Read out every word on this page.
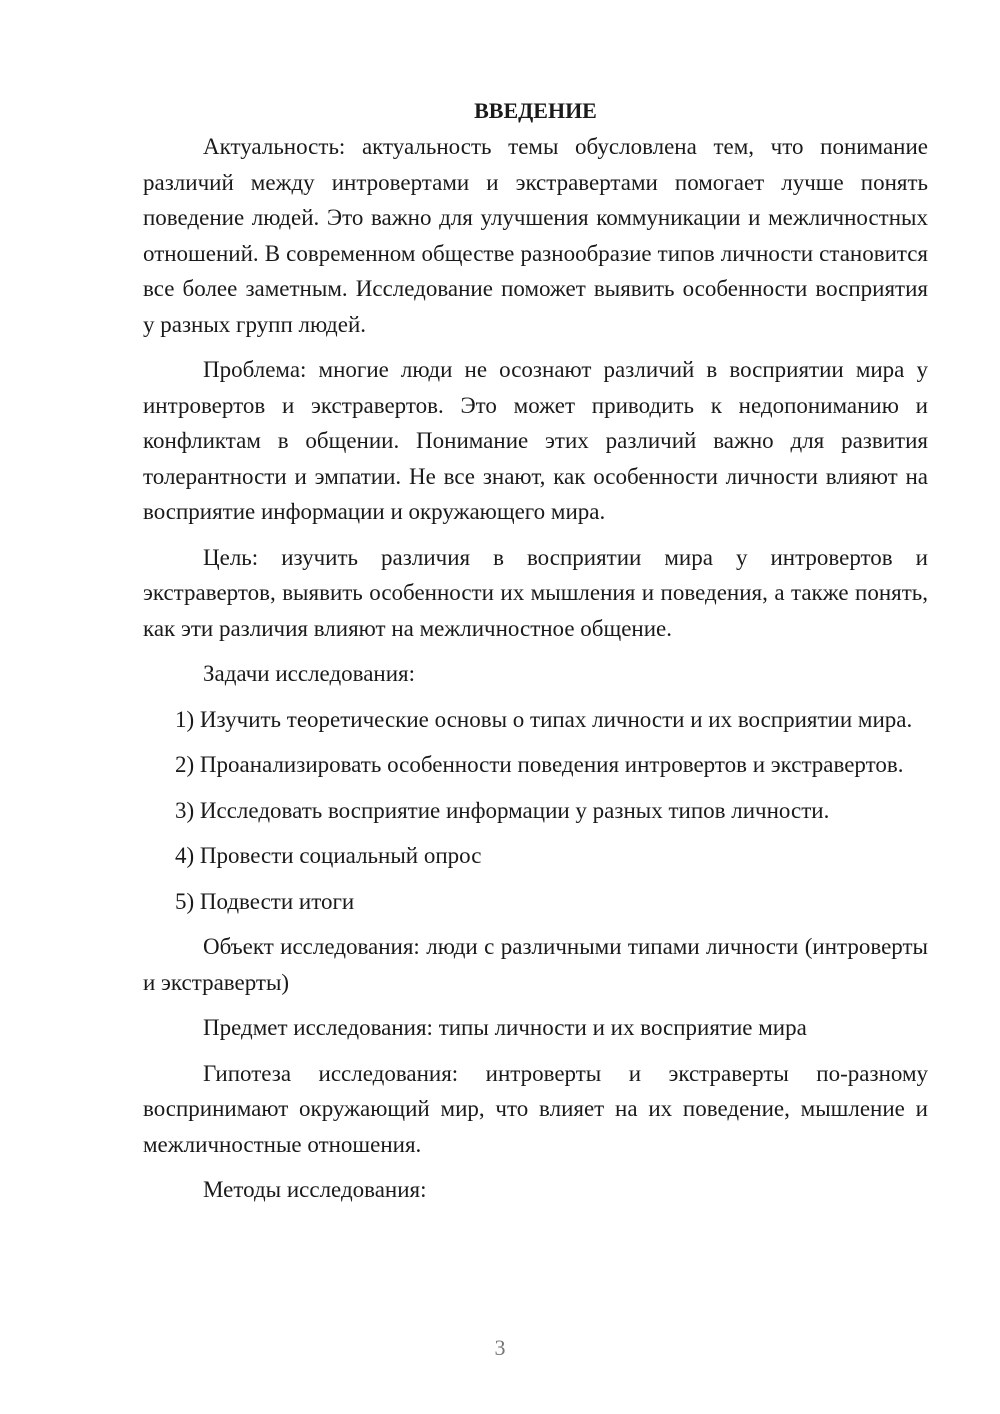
ВВЕДЕНИЕ

Актуальность: актуальность темы обусловлена тем, что понимание различий между интровертами и экстравертами помогает лучше понять поведение людей. Это важно для улучшения коммуникации и межличностных отношений. В современном обществе разнообразие типов личности становится все более заметным. Исследование поможет выявить особенности восприятия у разных групп людей.

Проблема: многие люди не осознают различий в восприятии мира у интровертов и экстравертов. Это может приводить к недопониманию и конфликтам в общении. Понимание этих различий важно для развития толерантности и эмпатии. Не все знают, как особенности личности влияют на восприятие информации и окружающего мира.

Цель: изучить различия в восприятии мира у интровертов и экстравертов, выявить особенности их мышления и поведения, а также понять, как эти различия влияют на межличностное общение.

Задачи исследования:

1) Изучить теоретические основы о типах личности и их восприятии мира.

2) Проанализировать особенности поведения интровертов и экстравертов.

3) Исследовать восприятие информации у разных типов личности.

4) Провести социальный опрос

5) Подвести итоги

Объект исследования: люди с различными типами личности (интроверты и экстраверты)

Предмет исследования: типы личности и их восприятие мира

Гипотеза исследования: интроверты и экстраверты по-разному воспринимают окружающий мир, что влияет на их поведение, мышление и межличностные отношения.

Методы исследования:

3
